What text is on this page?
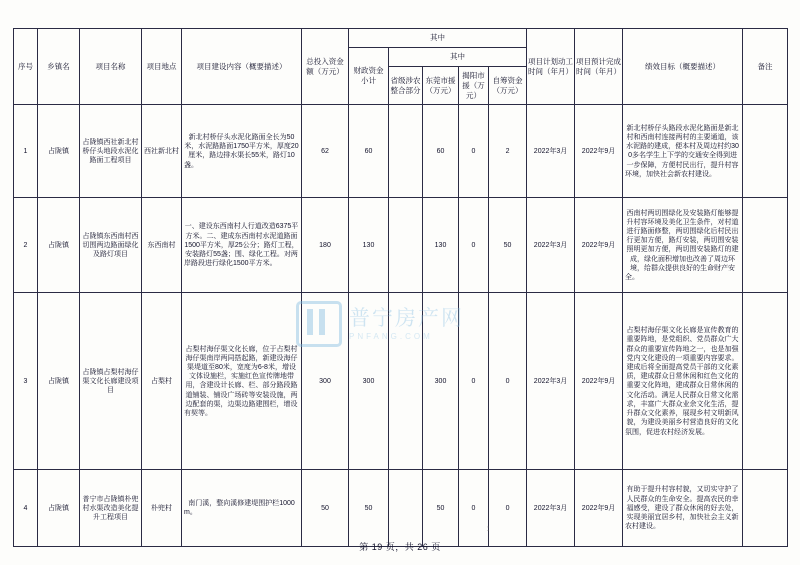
序号	乡镇名	项目名称	项目地点	项目建设内容（概要描述）	总投入资金额（万元）	其中					项目计划动工时间（年月）	项目预计完成时间（年月）	绩效目标（概要描述）	备注
						财政资金小计	其中							
							省级涉农整合部分	东莞市援（万元）	揭阳市援（万元）	自筹资金（万元）				
1	占陇镇	占陇镇西社新北村桥仔头地段水泥化路面工程项目	西社新北村	新北村桥仔头水泥化路面全长为50米，水泥路路面1750平方米，厚度20厘米，路边排水渠长55米，路灯10盏。	62	60		60	0	2	2022年3月	2022年9月	新北村桥仔头路段水泥化路面是新北村和西南村连接两村的主要通道，该水泥路的建成，便本村及周边村约300多名学生上下学的交通安全得到进一步保障，方便村民出行，提升村容环境，加快社会新农村建设。	
2	占陇镇	占陇镇东西南村西切围两边路面绿化及路灯项目	东西南村	一、建设东西南村人行道改造6375平方米。二、建成东西南村水泥道路面1500平方米，厚25公分；路灯工程，安装路灯55盏；围、绿化工程。对两岸路段进行绿化1500平方米。	180	130		130	0	50	2022年3月	2022年9月	西南村两切围绿化及安装路灯能够提升村容环境及美化卫生条件，对村道进行路面修整，两切围绿化后村民出行更加方便，路灯安装，两切围安装照明更加方便，两切围安装路灯的建成，绿化面积增加也改善了周边环境，给群众提供良好的生命财产安全。	
3	占陇镇	占陇镇占梨村海仔渠文化长廊建设项目	占梨村	占梨村海仔渠文化长廊，位于占梨村海仔渠南岸两同搭起路，新建设海仔渠堤道至80米，宽度为6-8米，增设文体设施栏，实施红色宣传牌地带用，含建设计长廊、栏、部分路段路道铺装、铺设广场砖等安装设施，两边配套的渠，边渠边路建围栏，增设有契等。	300	300		300	0	0	2022年3月	2022年9月	占梨村海仔渠文化长廊是宣传教育的重要阵地，是党组织、党员群众广大群众的重要宣传阵地之一，也是加强党内文化建设的一项重要内容要求。建成后将全面提高党员干部的文化素质，建成群众日常休闲和红色文化的重要文化阵地，建成群众日常休闲的文化活动。满足人民群众日常文化需求，丰富广大群众业余文化生活，提升群众文化素养，展现乡村文明新风貌，为建设美丽乡村营造良好的文化氛围，促进农村经济发展。	
4	占陇镇	普宁市占陇镇朴兜村水渠改造美化提升工程项目	朴兜村	南门溪，整向溪修建堤围护栏1000m。	50	50		50	0	0	2022年3月	2022年9月	有助于提升村容村貌，又切实守护了人民群众的生命安全。提高农民的幸福感受，建设了群众休闲的好去处，实现美丽宜居乡村，加快社会主义新农村建设。	
普宁房产网
PNFANG.COM
:
第 19 页，共 26 页
